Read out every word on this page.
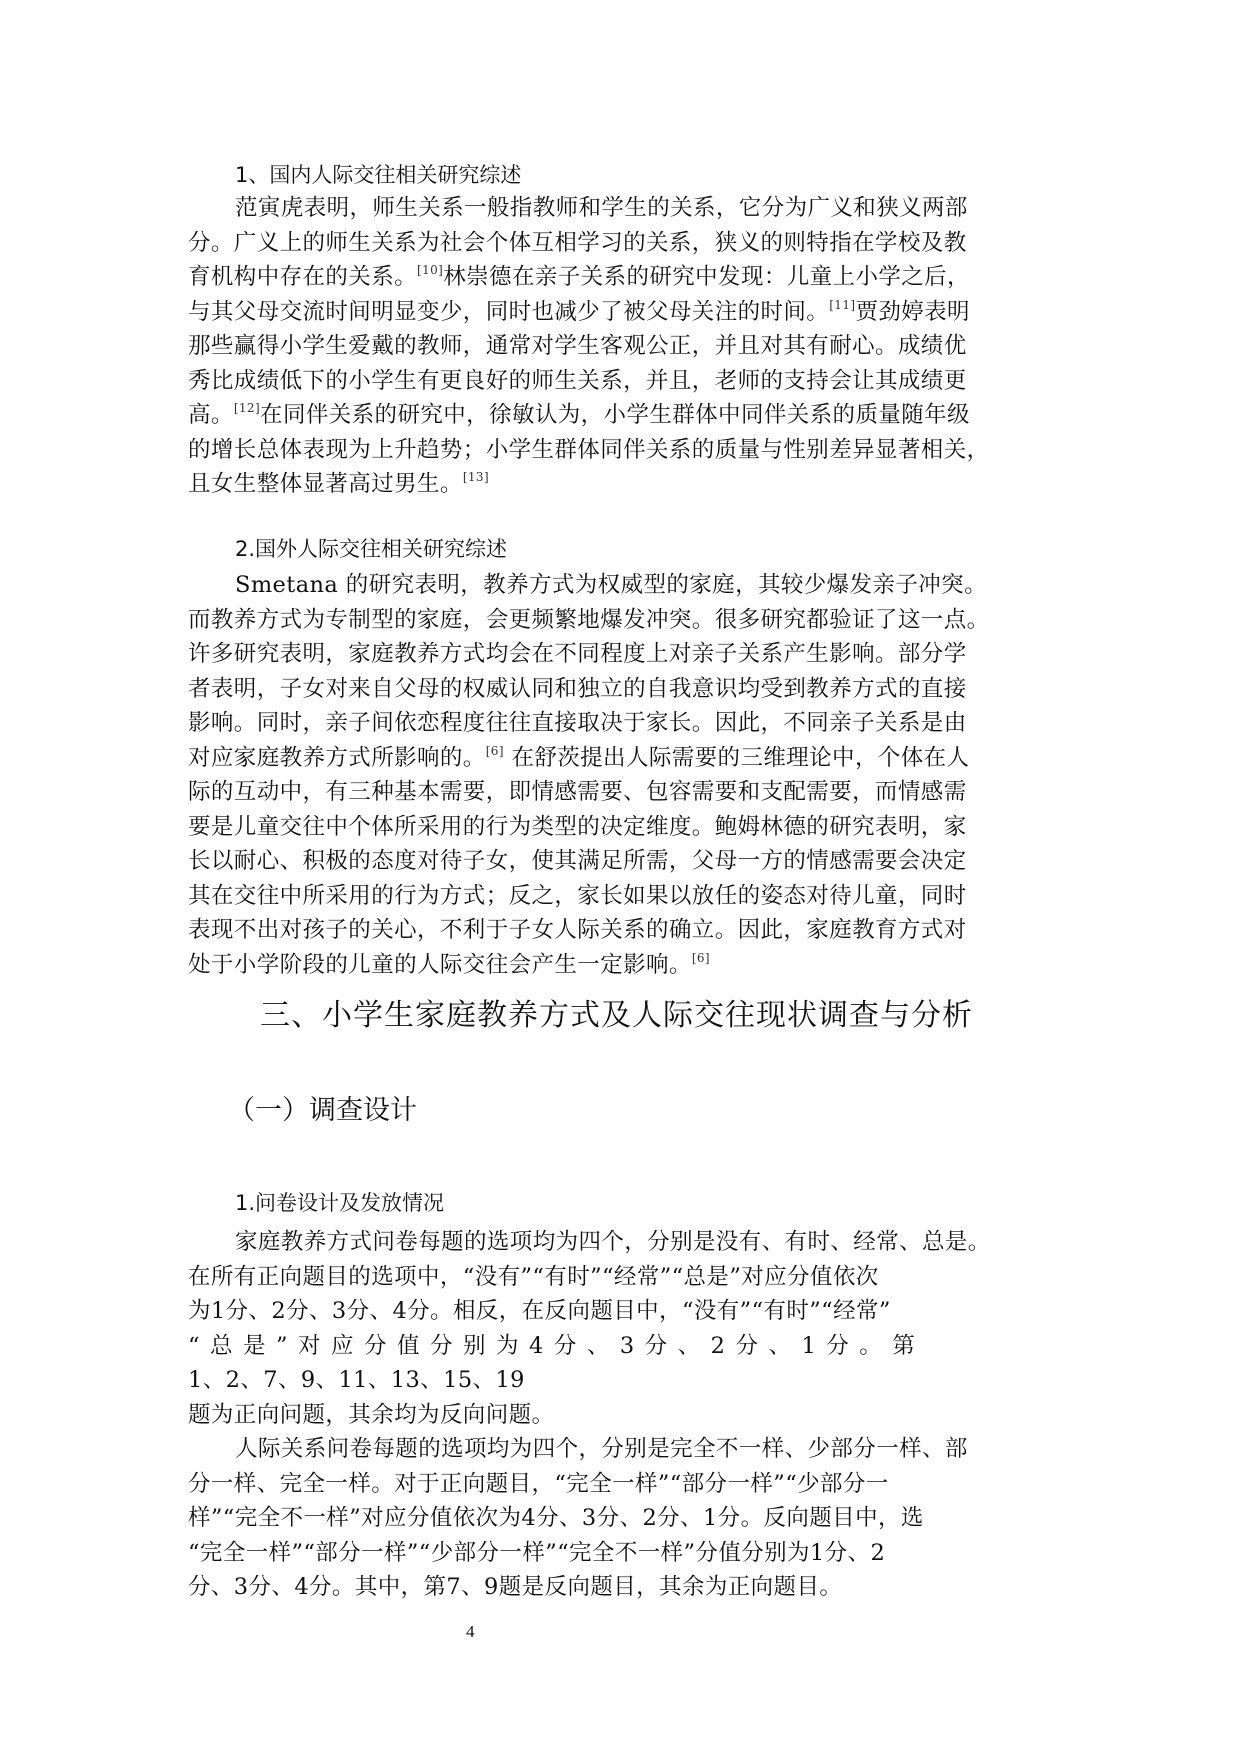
1、国内人际交往相关研究综述
范寅虎表明，师生关系一般指教师和学生的关系，它分为广义和狭义两部
分。广义上的师生关系为社会个体互相学习的关系，狭义的则特指在学校及教
育机构中存在的关系。[10]林崇德在亲子关系的研究中发现：儿童上小学之后，
与其父母交流时间明显变少，同时也减少了被父母关注的时间。[11]贾劲婷表明
那些赢得小学生爱戴的教师，通常对学生客观公正，并且对其有耐心。成绩优
秀比成绩低下的小学生有更良好的师生关系，并且，老师的支持会让其成绩更
高。[12]在同伴关系的研究中，徐敏认为，小学生群体中同伴关系的质量随年级
的增长总体表现为上升趋势；小学生群体同伴关系的质量与性别差异显著相关，
且女生整体显著高过男生。[13]
2.国外人际交往相关研究综述
Smetana 的研究表明，教养方式为权威型的家庭，其较少爆发亲子冲突。
而教养方式为专制型的家庭，会更频繁地爆发冲突。很多研究都验证了这一点。
许多研究表明，家庭教养方式均会在不同程度上对亲子关系产生影响。部分学
者表明，子女对来自父母的权威认同和独立的自我意识均受到教养方式的直接
影响。同时，亲子间依恋程度往往直接取决于家长。因此，不同亲子关系是由
对应家庭教养方式所影响的。[6] 在舒茨提出人际需要的三维理论中，个体在人
际的互动中，有三种基本需要，即情感需要、包容需要和支配需要，而情感需
要是儿童交往中个体所采用的行为类型的决定维度。鲍姆林德的研究表明，家
长以耐心、积极的态度对待子女，使其满足所需，父母一方的情感需要会决定
其在交往中所采用的行为方式；反之，家长如果以放任的姿态对待儿童，同时
表现不出对孩子的关心，不利于子女人际关系的确立。因此，家庭教育方式对
处于小学阶段的儿童的人际交往会产生一定影响。[6]
三、小学生家庭教养方式及人际交往现状调查与分析
（一）调查设计
1.问卷设计及发放情况
家庭教养方式问卷每题的选项均为四个，分别是没有、有时、经常、总是。
在所有正向题目的选项中，“没有”“有时”“经常”“总是”对应分值依次
为1分、2分、3分、4分。相反，在反向题目中，“没有”“有时”“经常”
“总是”对应分值分别为4分、3分、2分、1分。第
1、2、7、9、11、13、15、19
题为正向问题，其余均为反向问题。
人际关系问卷每题的选项均为四个，分别是完全不一样、少部分一样、部
分一样、完全一样。对于正向题目，“完全一样”“部分一样”“少部分一
样”“完全不一样”对应分值依次为4分、3分、2分、1分。反向题目中，选
“完全一样”“部分一样”“少部分一样”“完全不一样”分值分别为1分、2
分、3分、4分。其中，第7、9题是反向题目，其余为正向题目。
4
